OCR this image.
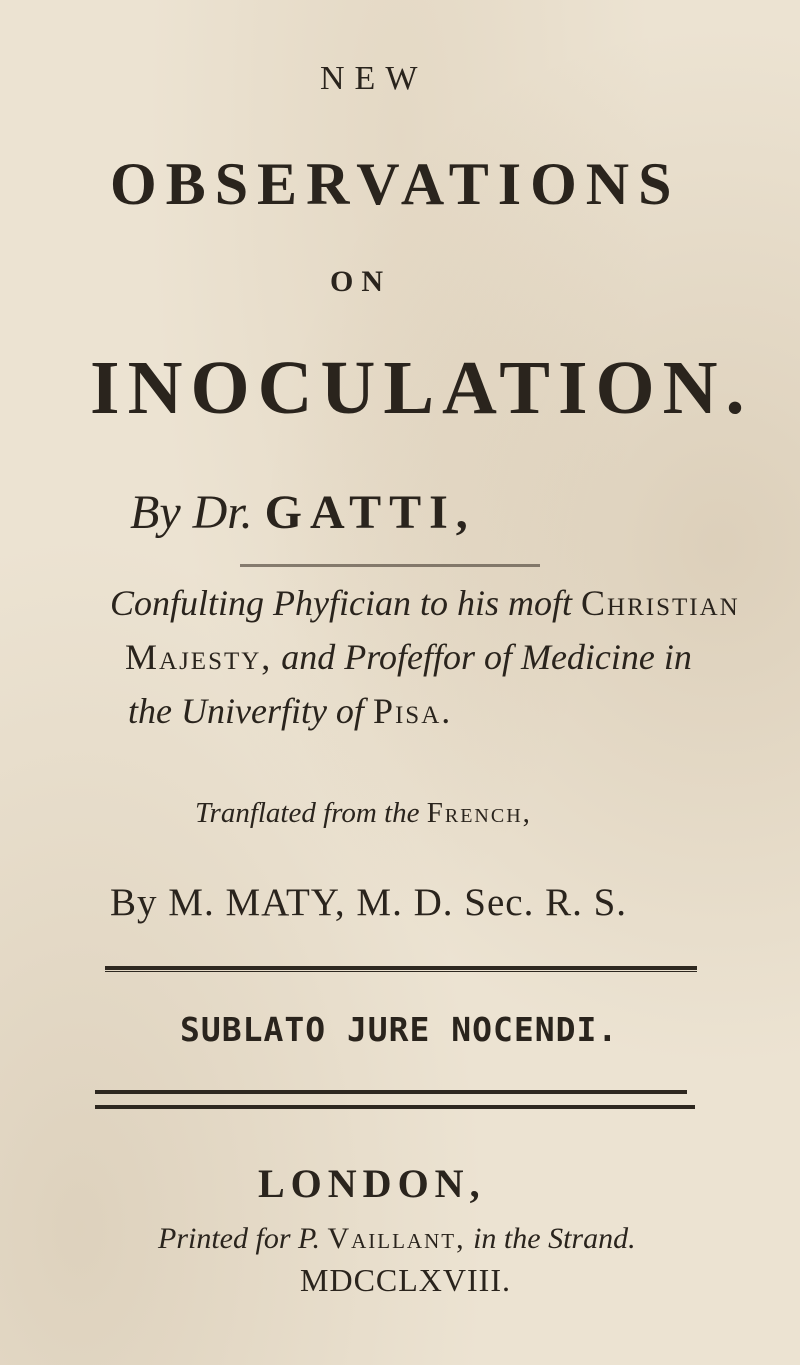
NEW
OBSERVATIONS
ON
INOCULATION.
By Dr. GATTI,
Confulting Phyfician to his moft Christian
Majesty, and Profeffor of Medicine in
the Univerfity of Pisa.
Tranflated from the French,
By M. MATY, M. D. Sec. R. S.
SUBLATO JURE NOCENDI.
LONDON,
Printed for P. Vaillant, in the Strand.
MDCCLXVIII.
